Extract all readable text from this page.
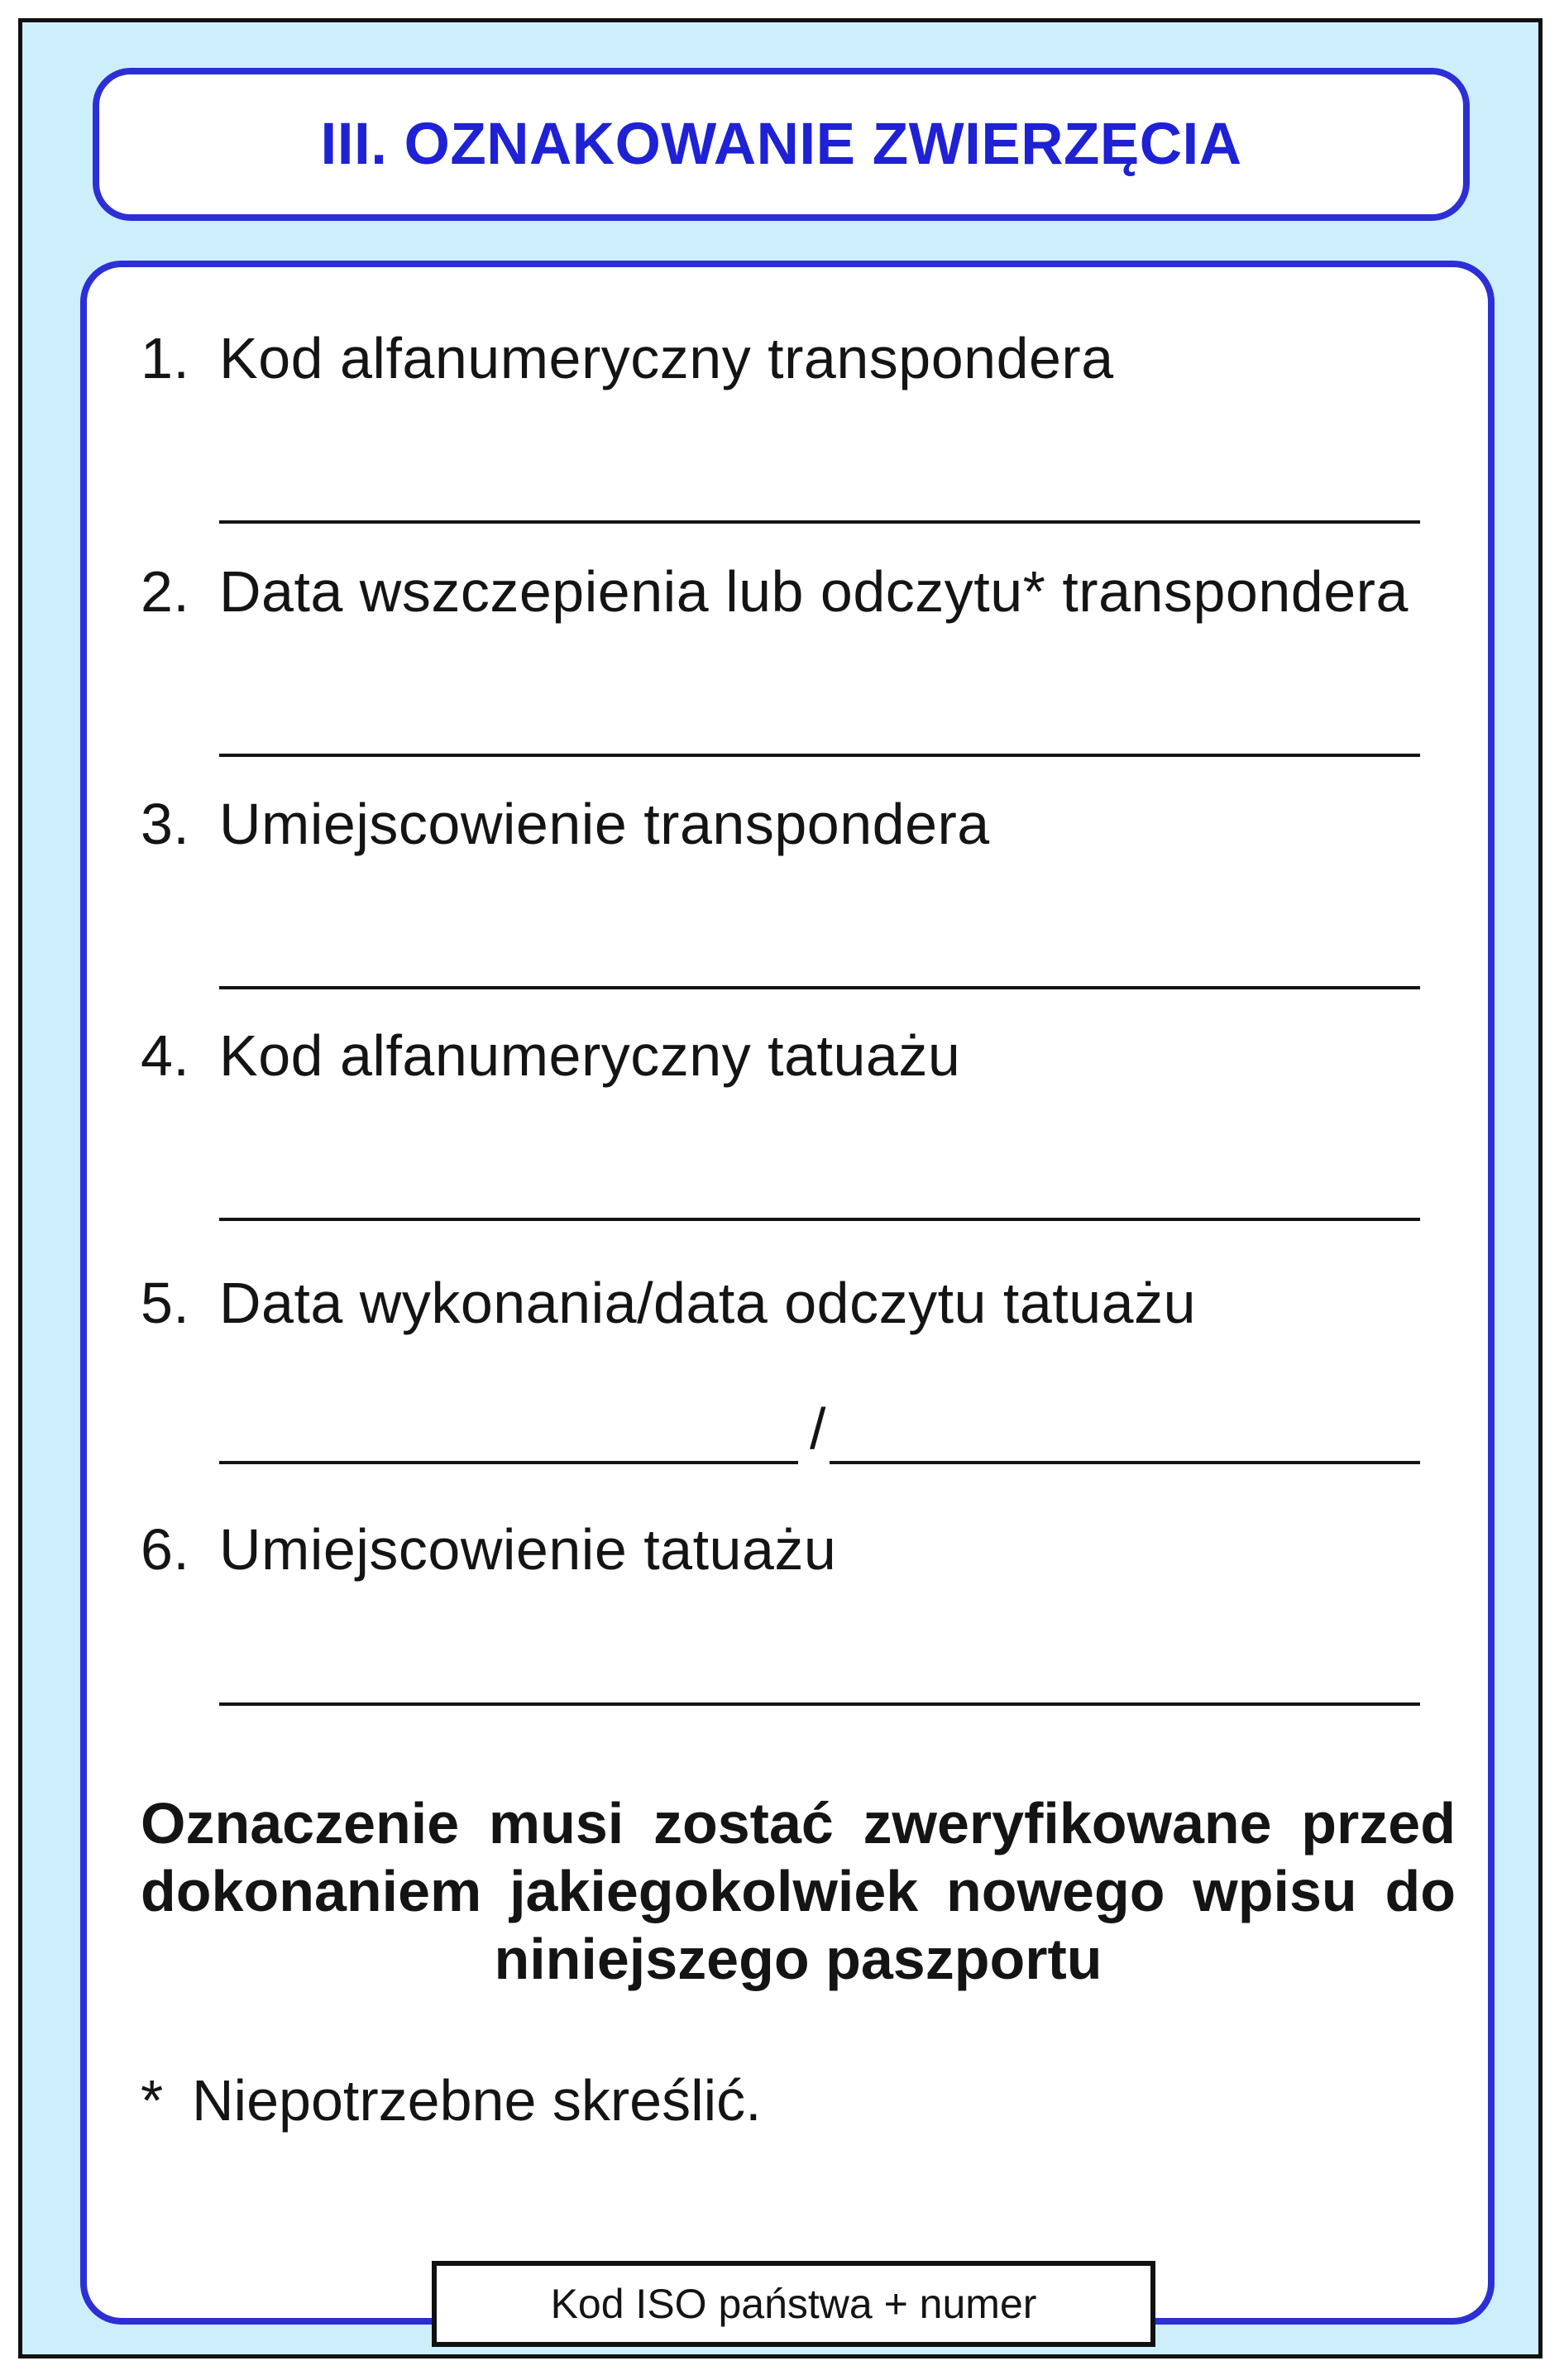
III. OZNAKOWANIE ZWIERZĘCIA
1. Kod alfanumeryczny transpondera
2. Data wszczepienia lub odczytu* transpondera
3. Umiejscowienie transpondera
4. Kod alfanumeryczny tatuażu
5. Data wykonania/data odczytu tatuażu
/
6. Umiejscowienie tatuażu
Oznaczenie musi zostać zweryfikowane przed dokonaniem jakiegokolwiek nowego wpisu do niniejszego paszportu
* Niepotrzebne skreślić.
Kod ISO państwa + numer
